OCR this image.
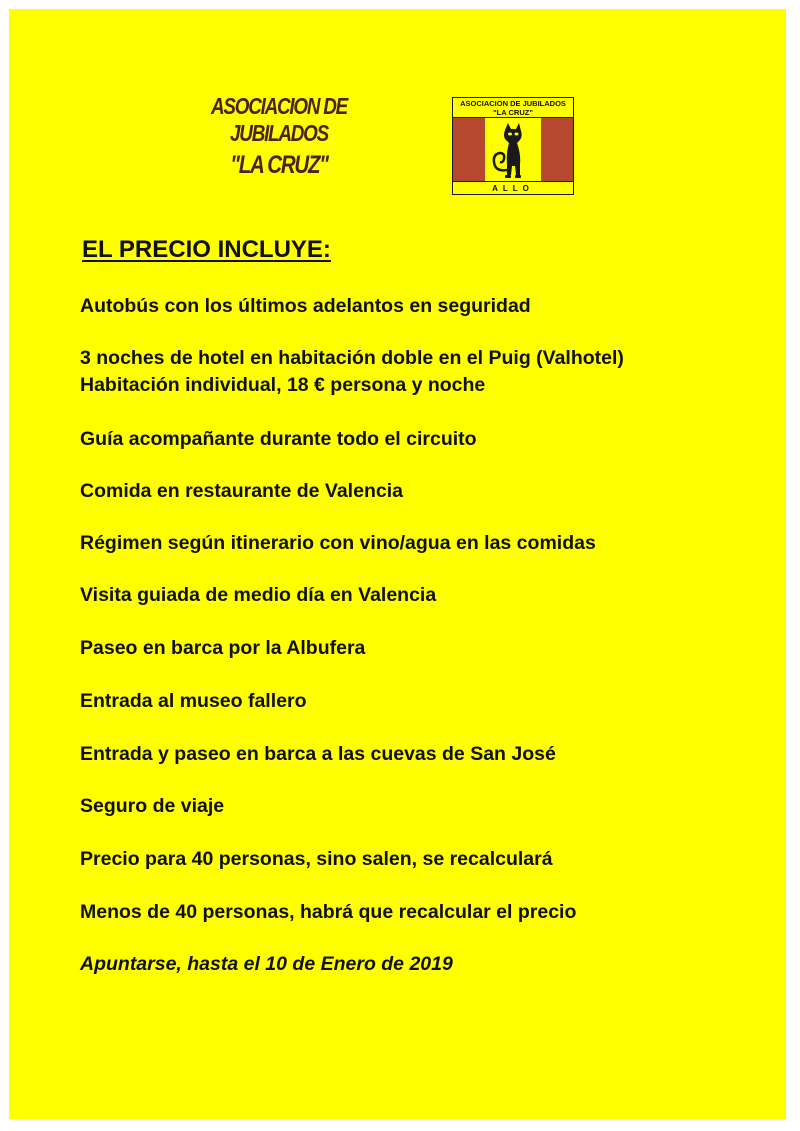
ASOCIACION DE JUBILADOS
"LA CRUZ"
ASOCIACION DE JUBILADOS
"LA CRUZ"
ALLO
EL PRECIO INCLUYE:

Autobús con los últimos adelantos en seguridad

3 noches de hotel en habitación doble en el Puig (Valhotel)

Habitación individual, 18 € persona y noche

Guía acompañante durante todo el circuito

Comida en restaurante de Valencia

Régimen según itinerario con vino/agua en las comidas

Visita guiada de medio día en Valencia

Paseo en barca por la Albufera

Entrada al museo fallero

Entrada y paseo en barca a las cuevas de San José

Seguro de viaje

Precio para 40 personas, sino salen, se recalculará

Menos de 40 personas, habrá que recalcular el precio

Apuntarse, hasta el 10 de Enero de 2019
